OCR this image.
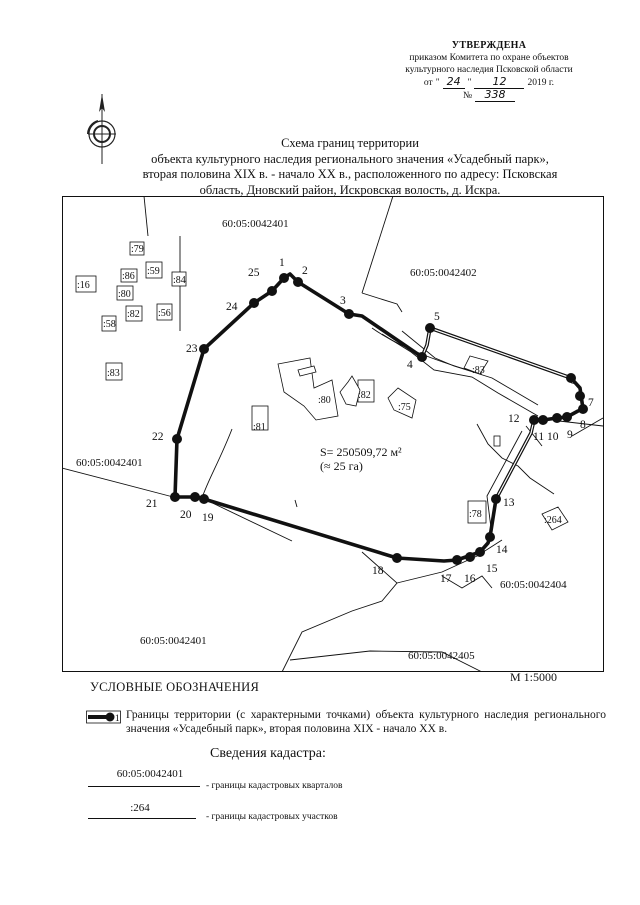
УТВЕРЖДЕНА
приказом Комитета по охране объектов
культурного наследия Псковской области
от " 24 "	12	2019 г.
№	338
Схема границ территории
объекта культурного наследия регионального значения «Усадебный парк»,
вторая половина XIX в. - начало XX в., расположенного по адресу: Псковская
область, Дновский район, Искровская волость, д. Искра.
1
2
3
4
5
6
7
8
9
10
11
12
13
14
15
16
17
18
19
20
21
22
23
24
25
60:05:0042401
60:05:0042402
60:05:0042401
60:05:0042404
60:05:0042401
60:05:0042405
:79
:59
:86	:84
:16
:80
:82 :56
:58
:83	:83
:80	:82
:75
:81
:78
:264
S= 250509,72 м²
(≈ 25 га)
М 1:5000
УСЛОВНЫЕ ОБОЗНАЧЕНИЯ
1 Границы территории (с характерными точками) объекта культурного наследия регионального значения «Усадебный парк», вторая половина XIX - начало XX в.
Сведения кадастра:
60:05:0042401
- границы кадастровых кварталов
:264
- границы кадастровых участков
